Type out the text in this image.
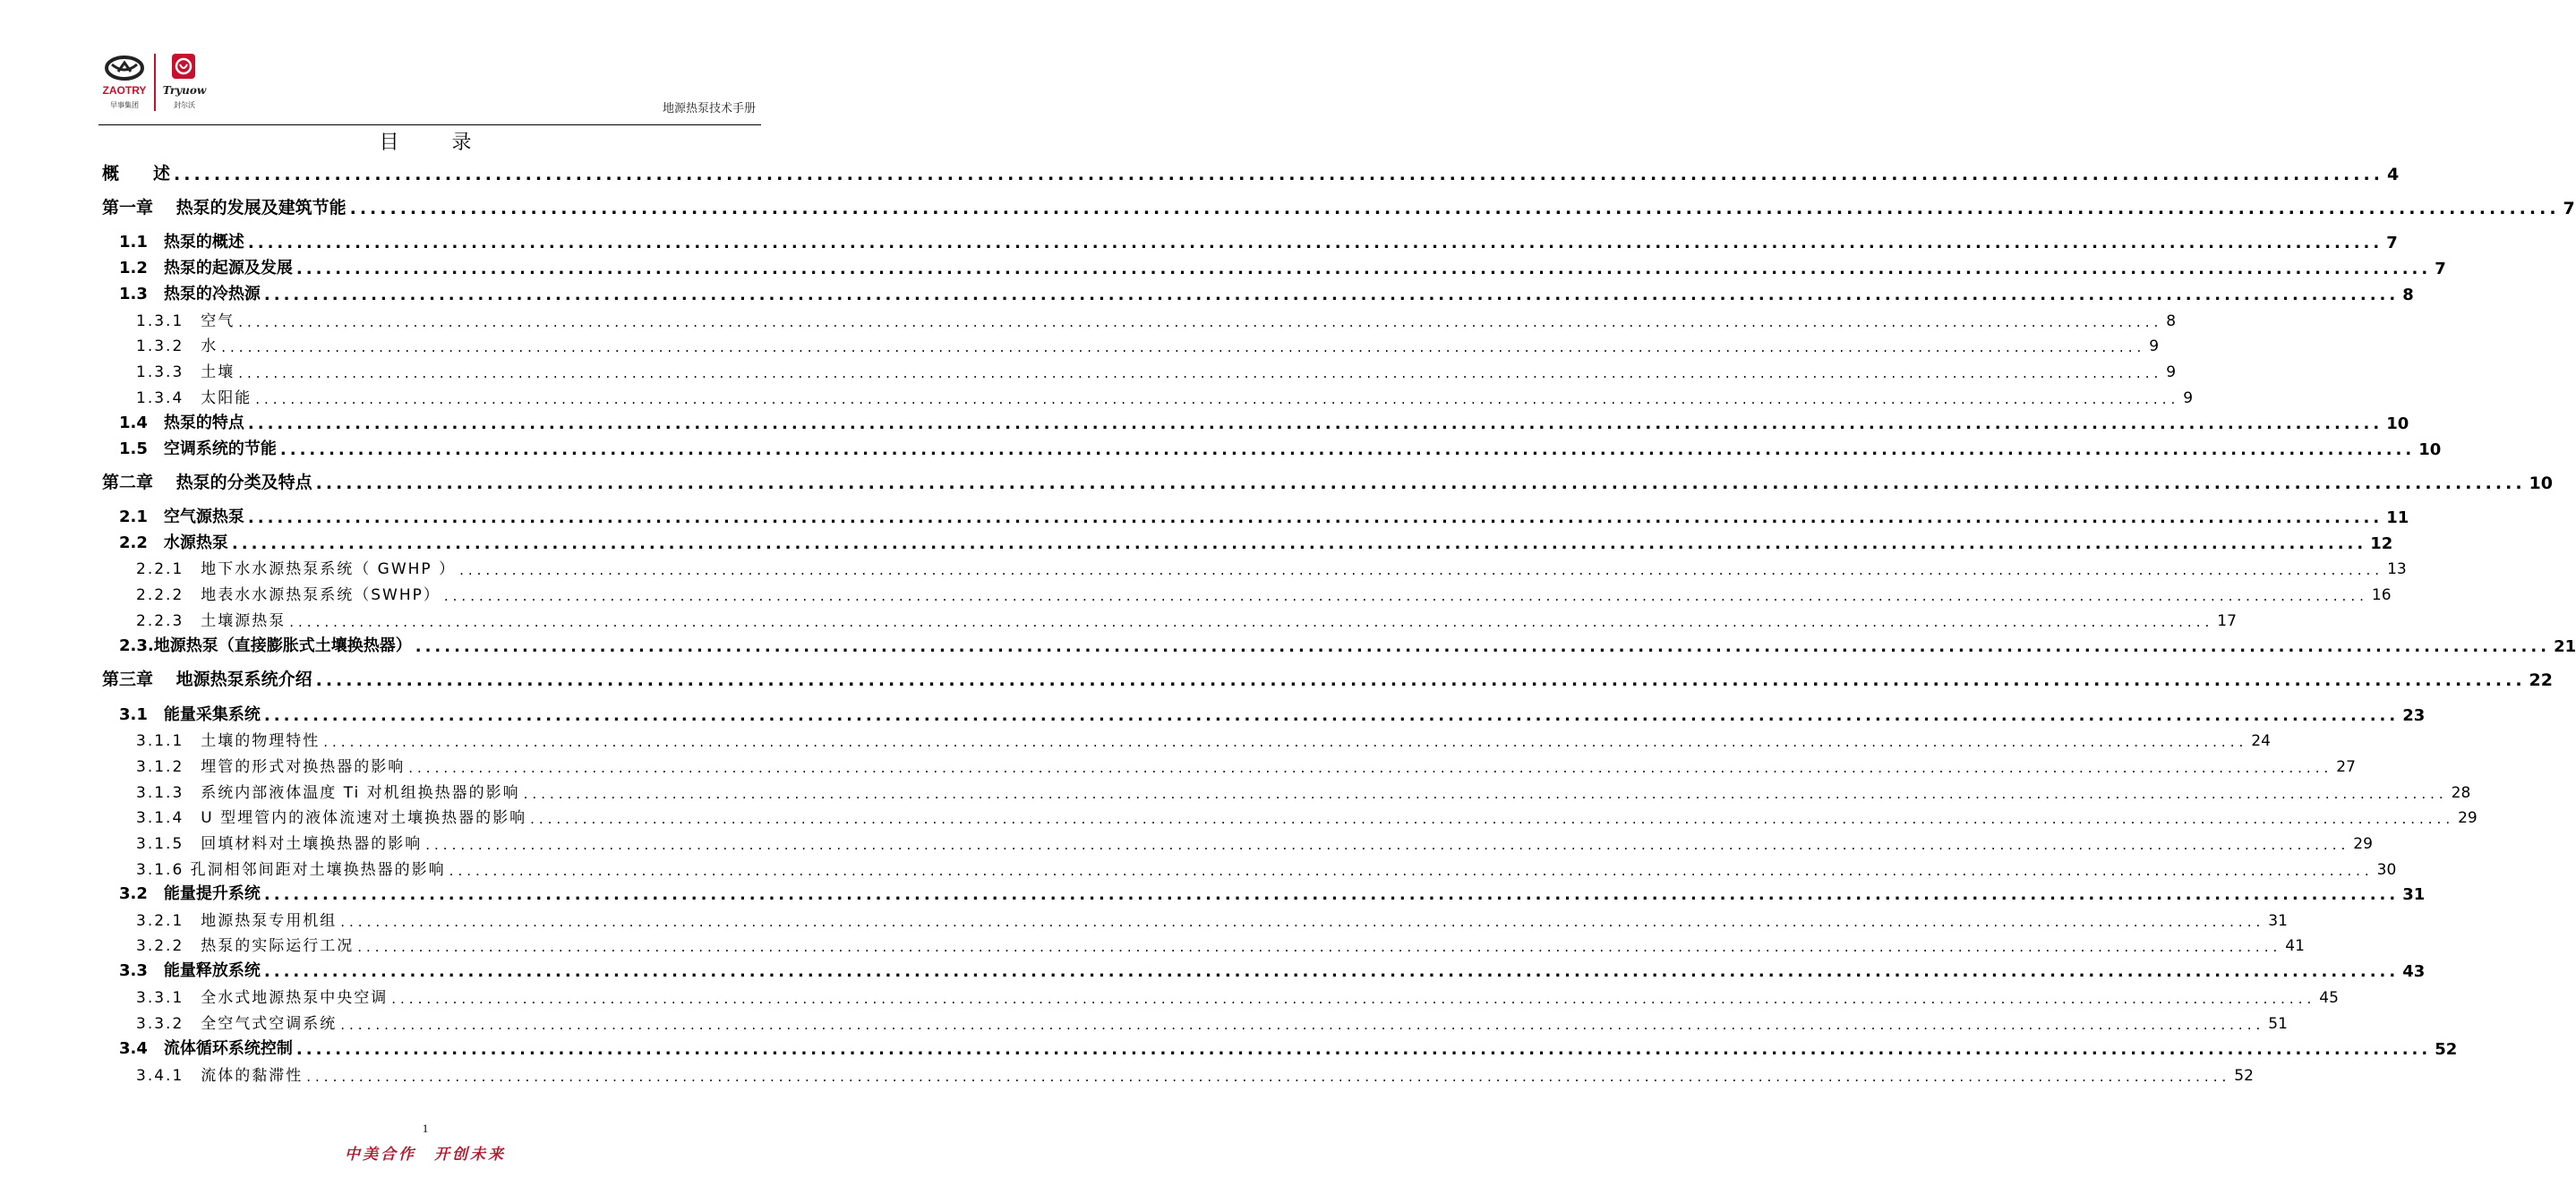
ZAOTRY
早事集团
Tryuow
封尔沃	地源热泵技术手册
目 录
概　　述 ............................................................................................................................................................................................................................ 4
第一章　 热泵的发展及建筑节能 ............................................................................................................................................................................................................................ 7
1.1　热泵的概述 ............................................................................................................................................................................................................................ 7
1.2　热泵的起源及发展 ............................................................................................................................................................................................................................ 7
1.3　热泵的冷热源 ............................................................................................................................................................................................................................ 8
1.3.1　空气 ............................................................................................................................................................................................................................ 8
1.3.2　水 ............................................................................................................................................................................................................................ 9
1.3.3　土壤 ............................................................................................................................................................................................................................ 9
1.3.4　太阳能 ............................................................................................................................................................................................................................ 9
1.4　热泵的特点 ............................................................................................................................................................................................................................ 10
1.5　空调系统的节能 ............................................................................................................................................................................................................................ 10
第二章　 热泵的分类及特点 ............................................................................................................................................................................................................................ 10
2.1　空气源热泵 ............................................................................................................................................................................................................................ 11
2.2　水源热泵 ............................................................................................................................................................................................................................ 12
2.2.1　地下水水源热泵系统（ GWHP ） ............................................................................................................................................................................................................................ 13
2.2.2　地表水水源热泵系统（SWHP） ............................................................................................................................................................................................................................ 16
2.2.3　土壤源热泵 ............................................................................................................................................................................................................................ 17
2.3.地源热泵（直接膨胀式土壤换热器） ............................................................................................................................................................................................................................ 21
第三章　 地源热泵系统介绍 ............................................................................................................................................................................................................................ 22
3.1　能量采集系统 ............................................................................................................................................................................................................................ 23
3.1.1　土壤的物理特性 ............................................................................................................................................................................................................................ 24
3.1.2　埋管的形式对换热器的影响 ............................................................................................................................................................................................................................ 27
3.1.3　系统内部液体温度 Ti 对机组换热器的影响 ............................................................................................................................................................................................................................ 28
3.1.4　U 型埋管内的液体流速对土壤换热器的影响 ............................................................................................................................................................................................................................ 29
3.1.5　回填材料对土壤换热器的影响 ............................................................................................................................................................................................................................ 29
3.1.6 孔洞相邻间距对土壤换热器的影响 ............................................................................................................................................................................................................................ 30
3.2　能量提升系统 ............................................................................................................................................................................................................................ 31
3.2.1　地源热泵专用机组 ............................................................................................................................................................................................................................ 31
3.2.2　热泵的实际运行工况 ............................................................................................................................................................................................................................ 41
3.3　能量释放系统 ............................................................................................................................................................................................................................ 43
3.3.1　全水式地源热泵中央空调 ............................................................................................................................................................................................................................ 45
3.3.2　全空气式空调系统 ............................................................................................................................................................................................................................ 51
3.4　流体循环系统控制 ............................................................................................................................................................................................................................ 52
3.4.1　流体的黏滞性 ............................................................................................................................................................................................................................ 52
1
中美合作　开创未来
